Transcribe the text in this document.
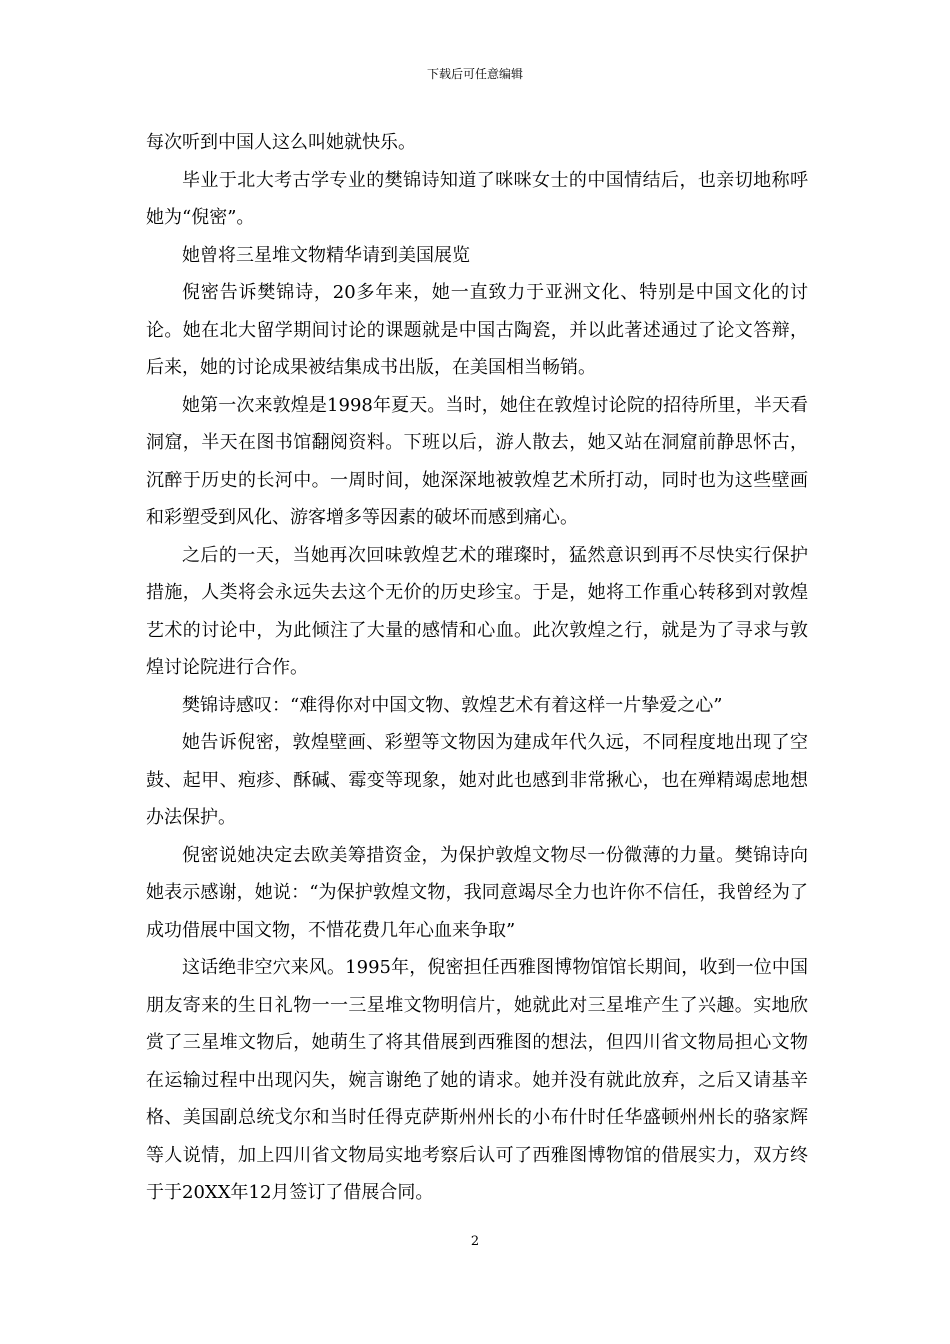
下载后可任意编辑

每次听到中国人这么叫她就快乐。

毕业于北大考古学专业的樊锦诗知道了咪咪女士的中国情结后，也亲切地称呼她为“倪密”。

她曾将三星堆文物精华请到美国展览

倪密告诉樊锦诗，20多年来，她一直致力于亚洲文化、特别是中国文化的讨论。她在北大留学期间讨论的课题就是中国古陶瓷，并以此著述通过了论文答辩，后来，她的讨论成果被结集成书出版，在美国相当畅销。

她第一次来敦煌是1998年夏天。当时，她住在敦煌讨论院的招待所里，半天看洞窟，半天在图书馆翻阅资料。下班以后，游人散去，她又站在洞窟前静思怀古，沉醉于历史的长河中。一周时间，她深深地被敦煌艺术所打动，同时也为这些壁画和彩塑受到风化、游客增多等因素的破坏而感到痛心。

之后的一天，当她再次回味敦煌艺术的璀璨时，猛然意识到再不尽快实行保护措施，人类将会永远失去这个无价的历史珍宝。于是，她将工作重心转移到对敦煌艺术的讨论中，为此倾注了大量的感情和心血。此次敦煌之行，就是为了寻求与敦煌讨论院进行合作。

樊锦诗感叹：“难得你对中国文物、敦煌艺术有着这样一片挚爱之心”

她告诉倪密，敦煌壁画、彩塑等文物因为建成年代久远，不同程度地出现了空鼓、起甲、疱疹、酥碱、霉变等现象，她对此也感到非常揪心，也在殚精竭虑地想办法保护。

倪密说她决定去欧美筹措资金，为保护敦煌文物尽一份微薄的力量。樊锦诗向她表示感谢，她说：“为保护敦煌文物，我同意竭尽全力也许你不信任，我曾经为了成功借展中国文物，不惜花费几年心血来争取”

这话绝非空穴来风。1995年，倪密担任西雅图博物馆馆长期间，收到一位中国朋友寄来的生日礼物一一三星堆文物明信片，她就此对三星堆产生了兴趣。实地欣赏了三星堆文物后，她萌生了将其借展到西雅图的想法，但四川省文物局担心文物在运输过程中出现闪失，婉言谢绝了她的请求。她并没有就此放弃，之后又请基辛格、美国副总统戈尔和当时任得克萨斯州州长的小布什时任华盛顿州州长的骆家辉等人说情，加上四川省文物局实地考察后认可了西雅图博物馆的借展实力，双方终于于20XX年12月签订了借展合同。

2
